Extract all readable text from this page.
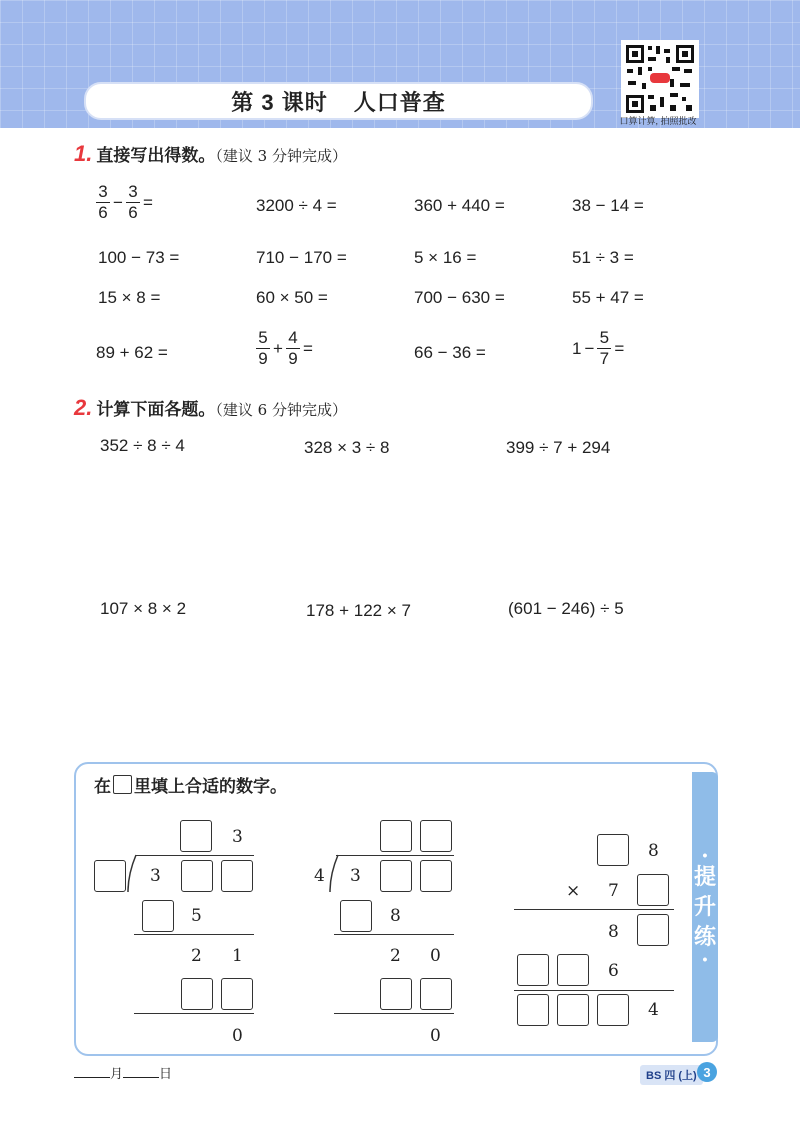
第 3 课时 人口普查
口算计算, 拍照批改
1. 直接写出得数。（建议 3 分钟完成）
$\frac{3}{6} - \frac{3}{6}$ =	3200 ÷ 4 =	360 + 440 =	38 − 14 =
100 − 73 =	710 − 170 =	5 × 16 =	51 ÷ 3 =
15 × 8 =	60 × 50 =	700 − 630 =	55 + 47 =
89 + 62 =	$\frac{5}{9} + \frac{4}{9}$ =	66 − 36 =	$1 - \frac{5}{7}$ =
2. 计算下面各题。（建议 6 分钟完成）
352 ÷ 8 ÷ 4	328 × 3 ÷ 8	399 ÷ 7 + 294
107 × 8 × 2	178 + 122 × 7	(601 − 246) ÷ 5
•
提
升
练
•
在 里填上合适的数字。
3
3
5
2 1
0
4 3
8
2 0
0
8
× 7
8
6
4
月	日	BS 四 (上) 3
